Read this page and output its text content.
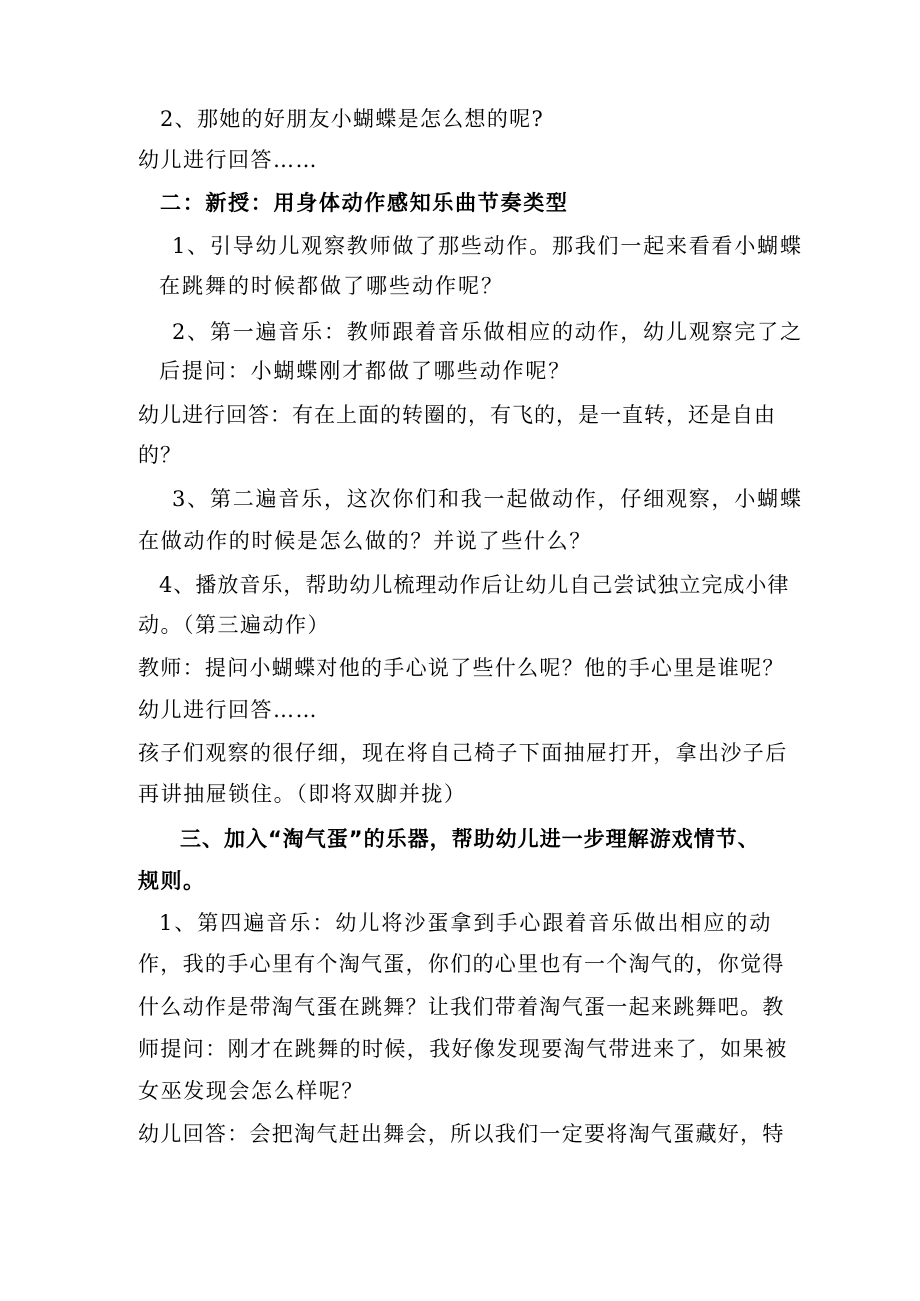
2、那她的好朋友小蝴蝶是怎么想的呢?
幼儿进行回答……
二：新授：用身体动作感知乐曲节奏类型
1、引导幼儿观察教师做了那些动作。那我们一起来看看小蝴蝶
在跳舞的时候都做了哪些动作呢？
2、第一遍音乐：教师跟着音乐做相应的动作，幼儿观察完了之
后提问：小蝴蝶刚才都做了哪些动作呢？
幼儿进行回答：有在上面的转圈的，有飞的，是一直转，还是自由
的？
3、第二遍音乐，这次你们和我一起做动作，仔细观察，小蝴蝶
在做动作的时候是怎么做的？并说了些什么？
4、播放音乐，帮助幼儿梳理动作后让幼儿自己尝试独立完成小律
动。（第三遍动作）
教师：提问小蝴蝶对他的手心说了些什么呢？他的手心里是谁呢？
幼儿进行回答……
孩子们观察的很仔细，现在将自己椅子下面抽屉打开，拿出沙子后
再讲抽屉锁住。（即将双脚并拢）
三、加入“淘气蛋”的乐器，帮助幼儿进一步理解游戏情节、
规则。
1、第四遍音乐：幼儿将沙蛋拿到手心跟着音乐做出相应的动
作，我的手心里有个淘气蛋，你们的心里也有一个淘气的，你觉得
什么动作是带淘气蛋在跳舞？让我们带着淘气蛋一起来跳舞吧。教
师提问：刚才在跳舞的时候，我好像发现要淘气带进来了，如果被
女巫发现会怎么样呢？
幼儿回答：会把淘气赶出舞会，所以我们一定要将淘气蛋藏好，特
